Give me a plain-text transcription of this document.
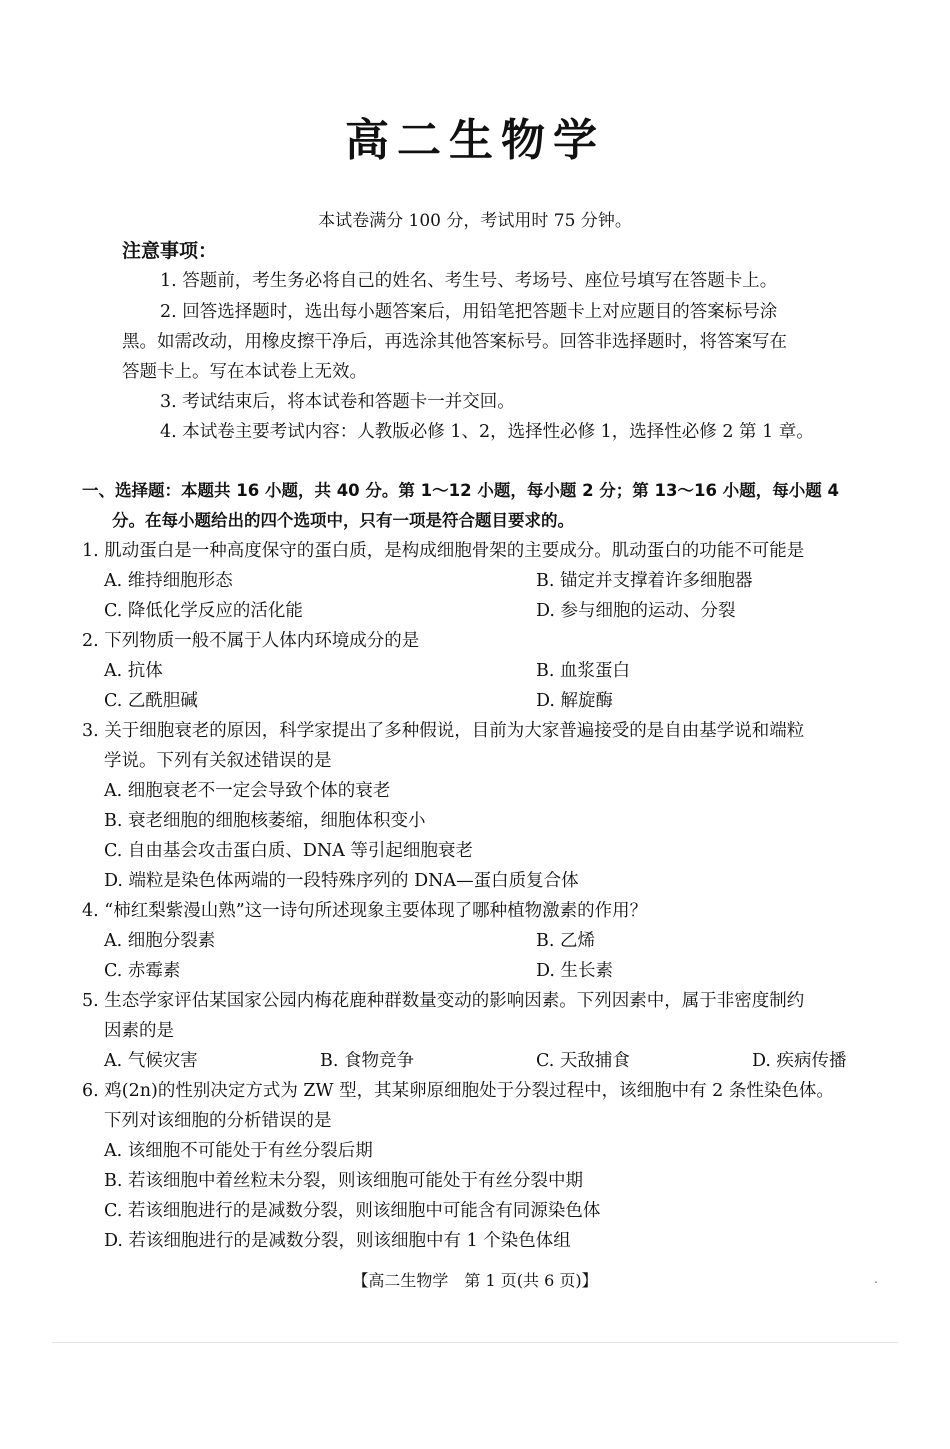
高二生物学
本试卷满分 100 分，考试用时 75 分钟。
注意事项：
1. 答题前，考生务必将自己的姓名、考生号、考场号、座位号填写在答题卡上。
2. 回答选择题时，选出每小题答案后，用铅笔把答题卡上对应题目的答案标号涂
黑。如需改动，用橡皮擦干净后，再选涂其他答案标号。回答非选择题时，将答案写在
答题卡上。写在本试卷上无效。
3. 考试结束后，将本试卷和答题卡一并交回。
4. 本试卷主要考试内容：人教版必修 1、2，选择性必修 1，选择性必修 2 第 1 章。
一、选择题：本题共 16 小题，共 40 分。第 1～12 小题，每小题 2 分；第 13～16 小题，每小题 4
分。在每小题给出的四个选项中，只有一项是符合题目要求的。
1. 肌动蛋白是一种高度保守的蛋白质，是构成细胞骨架的主要成分。肌动蛋白的功能不可能是
A. 维持细胞形态	B. 锚定并支撑着许多细胞器
C. 降低化学反应的活化能	D. 参与细胞的运动、分裂
2. 下列物质一般不属于人体内环境成分的是
A. 抗体	B. 血浆蛋白
C. 乙酰胆碱	D. 解旋酶
3. 关于细胞衰老的原因，科学家提出了多种假说，目前为大家普遍接受的是自由基学说和端粒
学说。下列有关叙述错误的是
A. 细胞衰老不一定会导致个体的衰老
B. 衰老细胞的细胞核萎缩，细胞体积变小
C. 自由基会攻击蛋白质、DNA 等引起细胞衰老
D. 端粒是染色体两端的一段特殊序列的 DNA—蛋白质复合体
4. “柿红梨紫漫山熟”这一诗句所述现象主要体现了哪种植物激素的作用？
A. 细胞分裂素	B. 乙烯
C. 赤霉素	D. 生长素
5. 生态学家评估某国家公园内梅花鹿种群数量变动的影响因素。下列因素中，属于非密度制约
因素的是
A. 气候灾害	B. 食物竞争	C. 天敌捕食	D. 疾病传播
6. 鸡(2n)的性别决定方式为 ZW 型，其某卵原细胞处于分裂过程中，该细胞中有 2 条性染色体。
下列对该细胞的分析错误的是
A. 该细胞不可能处于有丝分裂后期
B. 若该细胞中着丝粒未分裂，则该细胞可能处于有丝分裂中期
C. 若该细胞进行的是减数分裂，则该细胞中可能含有同源染色体
D. 若该细胞进行的是减数分裂，则该细胞中有 1 个染色体组
【高二生物学　第 1 页(共 6 页)】	.
